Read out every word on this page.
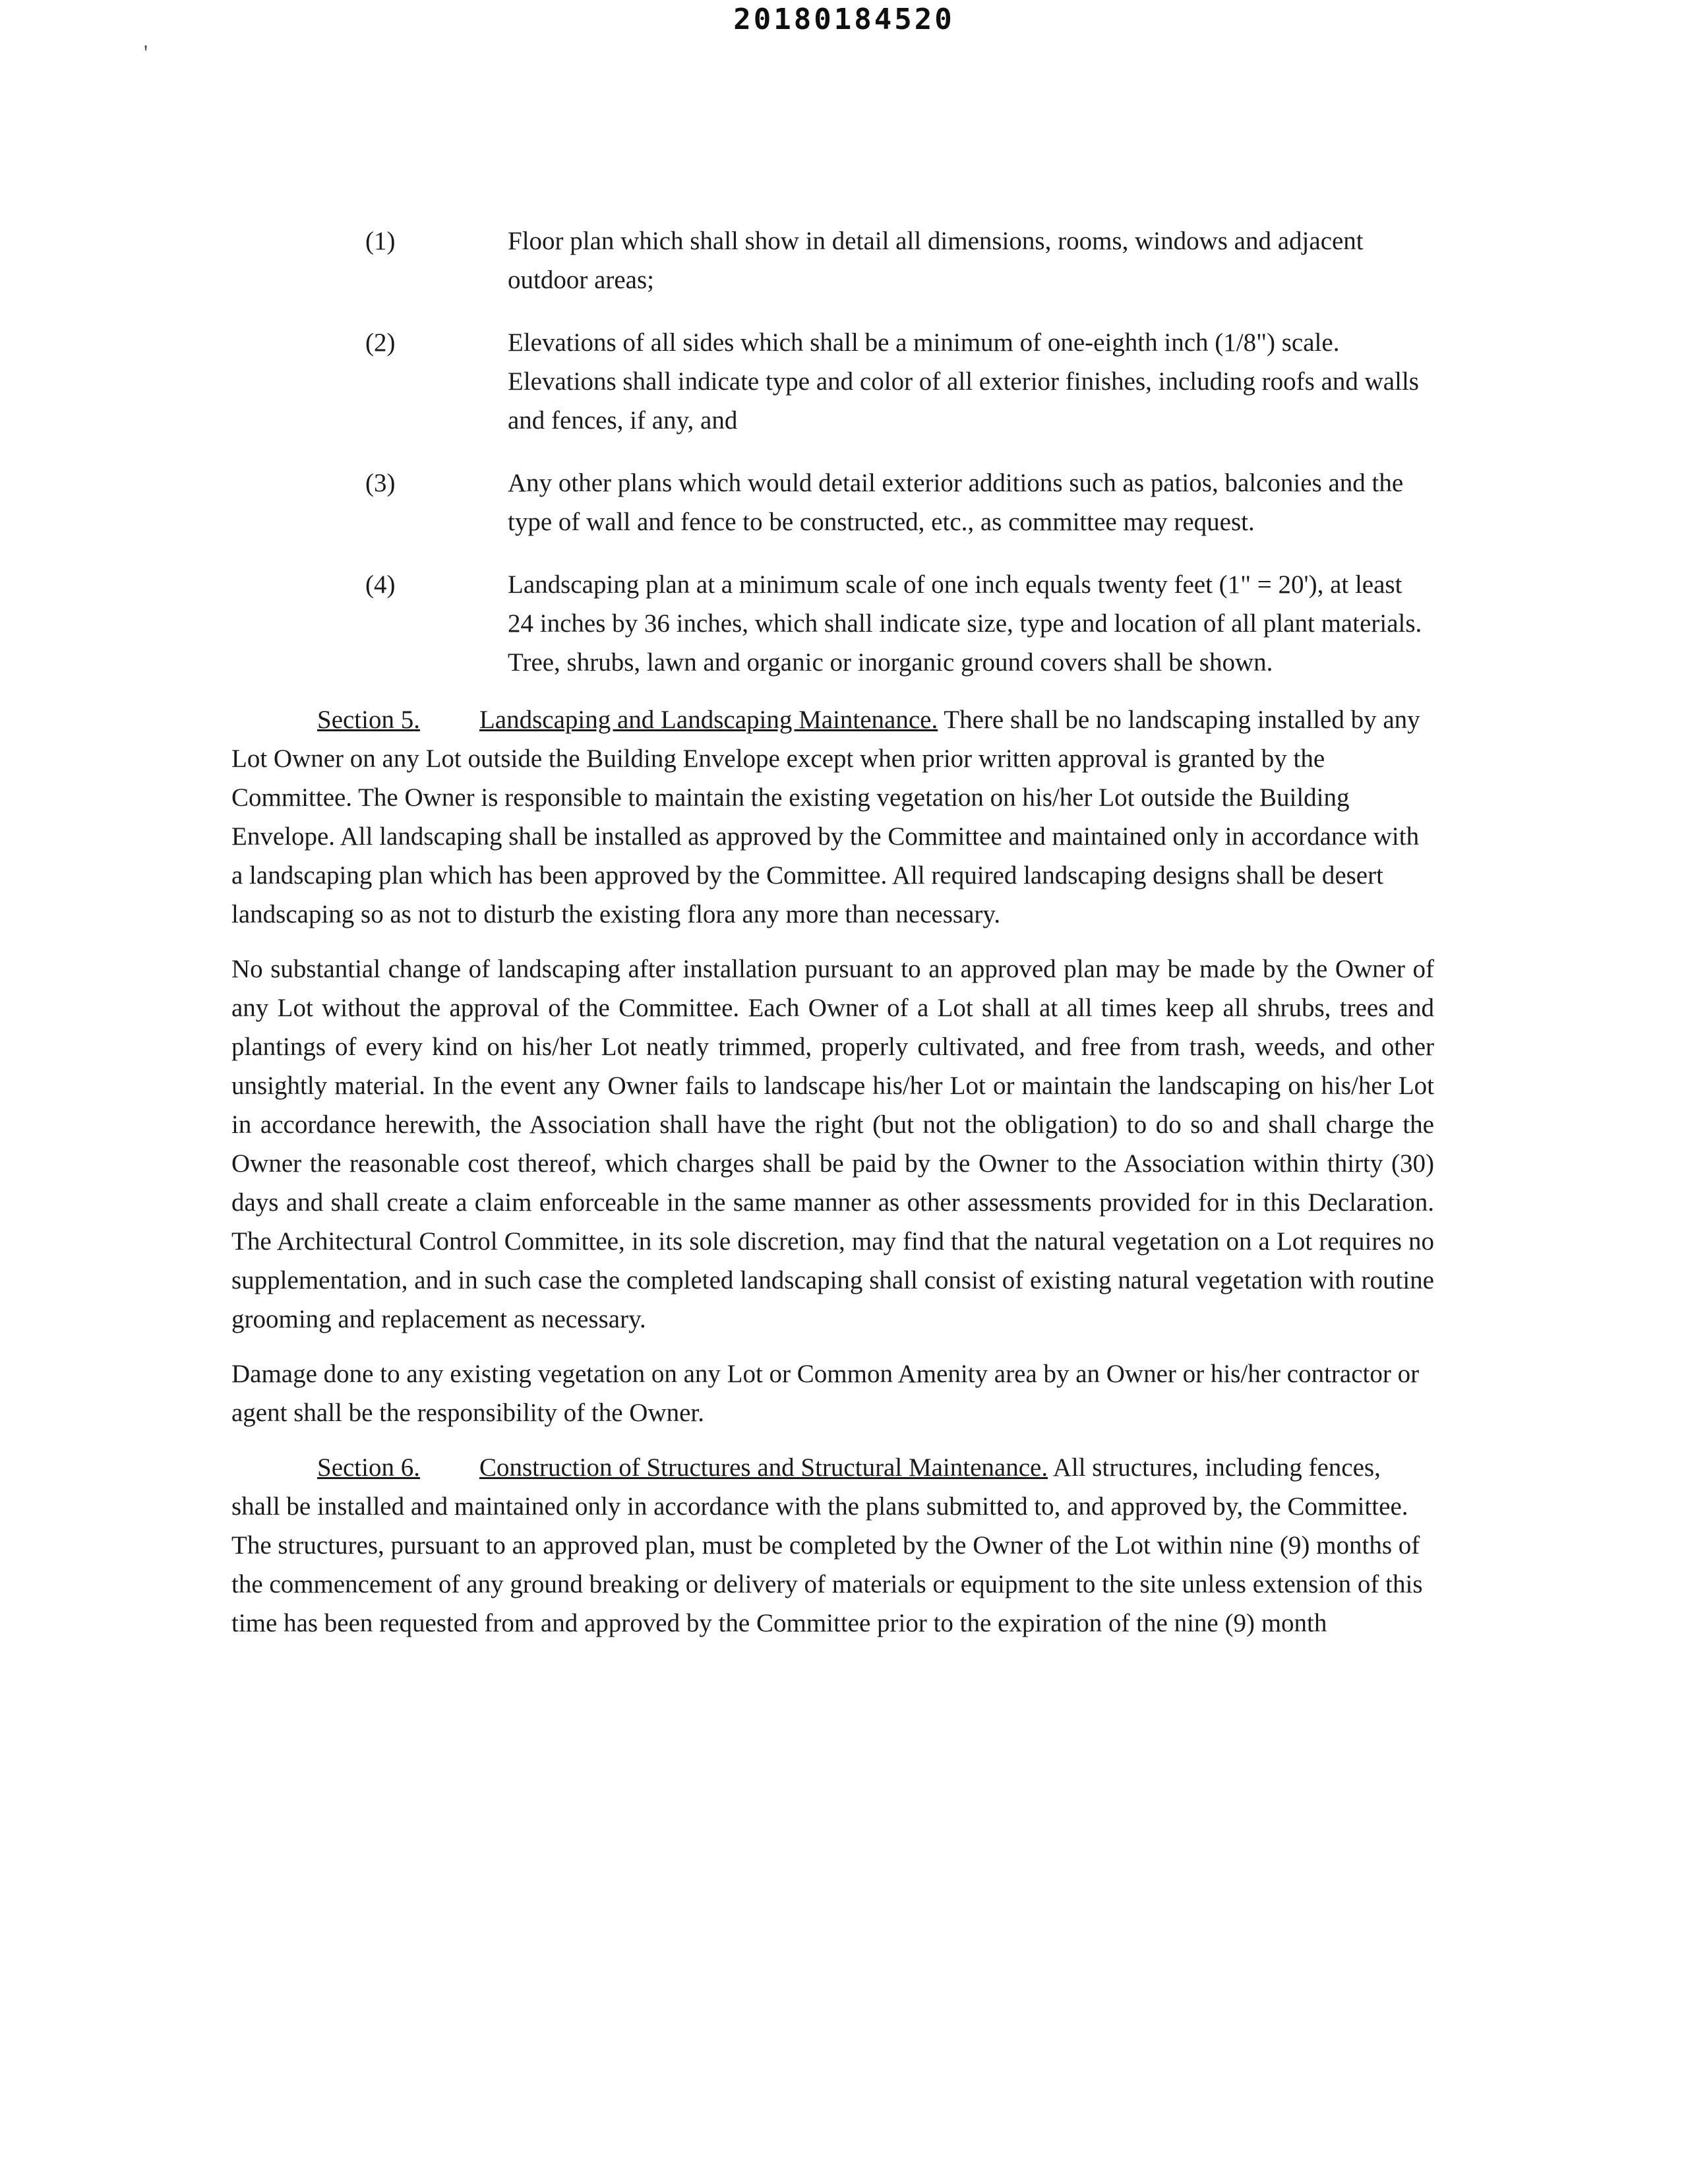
'
20180184520
(1)	Floor plan which shall show in detail all dimensions, rooms, windows and adjacent outdoor areas;
(2)	Elevations of all sides which shall be a minimum of one-eighth inch (1/8") scale. Elevations shall indicate type and color of all exterior finishes, including roofs and walls and fences, if any, and
(3)	Any other plans which would detail exterior additions such as patios, balconies and the type of wall and fence to be constructed, etc., as committee may request.
(4)	Landscaping plan at a minimum scale of one inch equals twenty feet (1" = 20'), at least 24 inches by 36 inches, which shall indicate size, type and location of all plant materials. Tree, shrubs, lawn and organic or inorganic ground covers shall be shown.

Section 5. Landscaping and Landscaping Maintenance. There shall be no landscaping installed by any Lot Owner on any Lot outside the Building Envelope except when prior written approval is granted by the Committee. The Owner is responsible to maintain the existing vegetation on his/her Lot outside the Building Envelope. All landscaping shall be installed as approved by the Committee and maintained only in accordance with a landscaping plan which has been approved by the Committee. All required landscaping designs shall be desert landscaping so as not to disturb the existing flora any more than necessary.

No substantial change of landscaping after installation pursuant to an approved plan may be made by the Owner of any Lot without the approval of the Committee. Each Owner of a Lot shall at all times keep all shrubs, trees and plantings of every kind on his/her Lot neatly trimmed, properly cultivated, and free from trash, weeds, and other unsightly material. In the event any Owner fails to landscape his/her Lot or maintain the landscaping on his/her Lot in accordance herewith, the Association shall have the right (but not the obligation) to do so and shall charge the Owner the reasonable cost thereof, which charges shall be paid by the Owner to the Association within thirty (30) days and shall create a claim enforceable in the same manner as other assessments provided for in this Declaration. The Architectural Control Committee, in its sole discretion, may find that the natural vegetation on a Lot requires no supplementation, and in such case the completed landscaping shall consist of existing natural vegetation with routine grooming and replacement as necessary.

Damage done to any existing vegetation on any Lot or Common Amenity area by an Owner or his/her contractor or agent shall be the responsibility of the Owner.

Section 6. Construction of Structures and Structural Maintenance. All structures, including fences, shall be installed and maintained only in accordance with the plans submitted to, and approved by, the Committee. The structures, pursuant to an approved plan, must be completed by the Owner of the Lot within nine (9) months of the commencement of any ground breaking or delivery of materials or equipment to the site unless extension of this time has been requested from and approved by the Committee prior to the expiration of the nine (9) month
